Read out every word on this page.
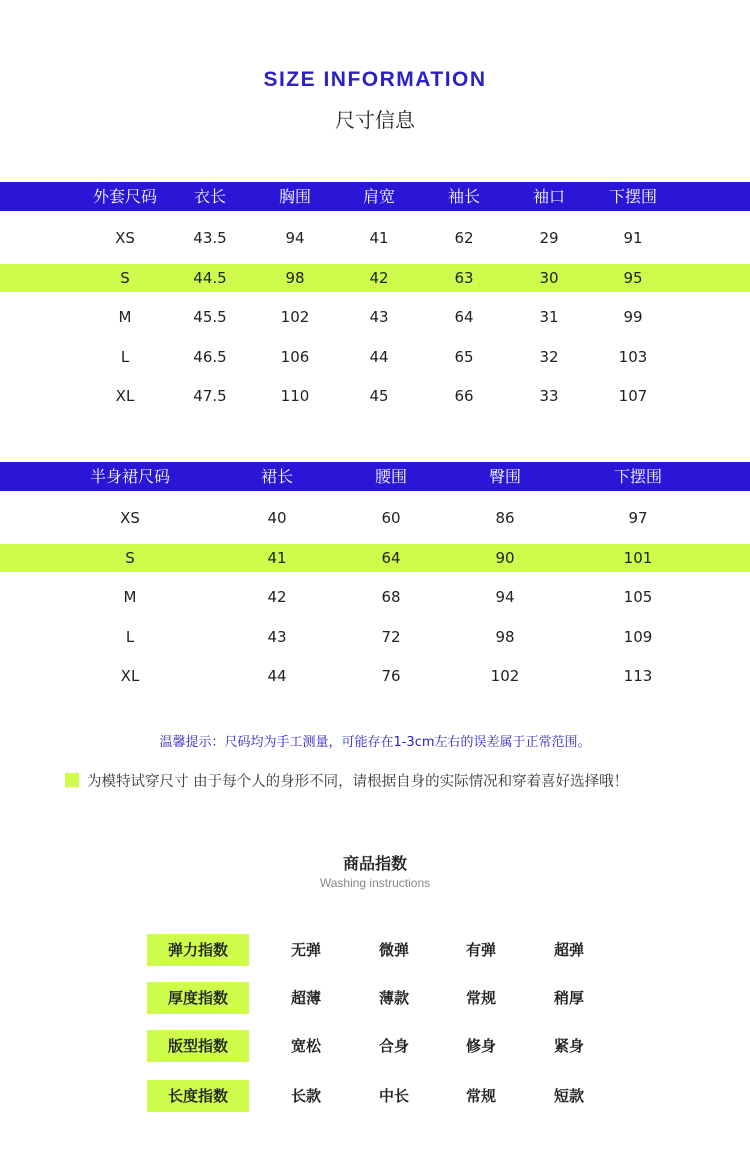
SIZE INFORMATION
尺寸信息
外套尺码	衣长	胸围	肩宽	袖长	袖口	下摆围
XS	43.5	94	41	62	29	91
S	44.5	98	42	63	30	95
M	45.5	102	43	64	31	99
L	46.5	106	44	65	32	103
XL	47.5	110	45	66	33	107
半身裙尺码	裙长	腰围	臀围	下摆围
XS	40	60	86	97
S	41	64	90	101
M	42	68	94	105
L	43	72	98	109
XL	44	76	102	113
温馨提示：尺码均为手工测量，可能存在1-3cm左右的误差属于正常范围。
为模特试穿尺寸 由于每个人的身形不同，请根据自身的实际情况和穿着喜好选择哦！
商品指数
Washing instructions
弹力指数	无弹	微弹	有弹	超弹
厚度指数	超薄	薄款	常规	稍厚
版型指数	宽松	合身	修身	紧身
长度指数	长款	中长	常规	短款
